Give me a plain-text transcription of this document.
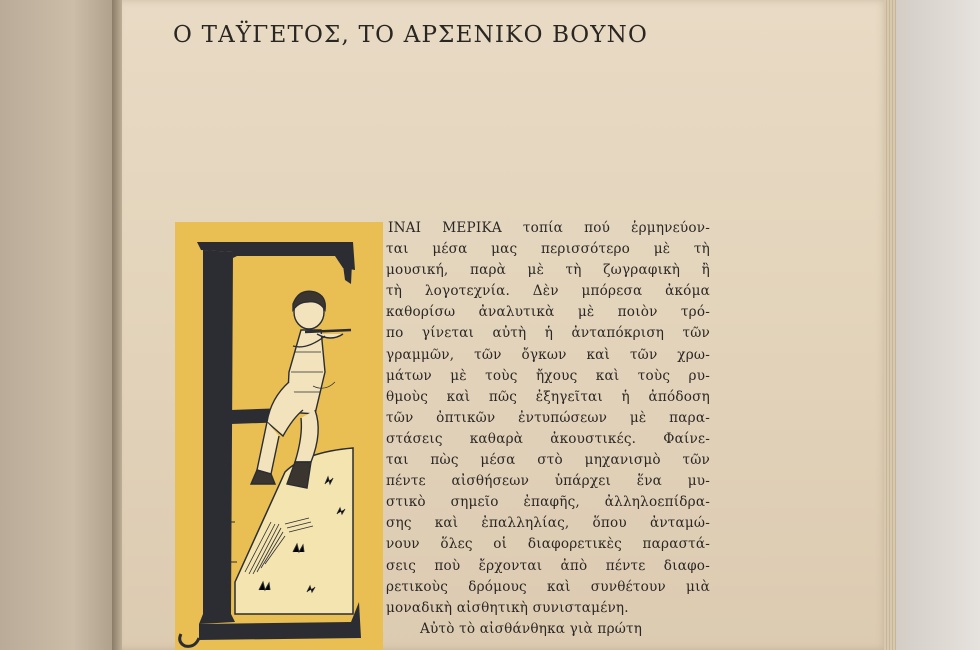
Ο ΤΑΫΓΕΤΟΣ, ΤΟ ΑΡΣΕΝΙΚΟ ΒΟΥΝΟ
ΙΝΑΙ ΜΕΡΙΚΑ τοπία πού ἑρμηνεύον-
ται μέσα μας περισσότερο μὲ τὴ
μουσική, παρὰ μὲ τὴ ζωγραφικὴ ἢ
τὴ λογοτεχνία. Δὲν μπόρεσα ἀκόμα
καθορίσω ἀναλυτικὰ μὲ ποιὸν τρό-
πο γίνεται αὐτὴ ἡ ἀνταπόκριση τῶν
γραμμῶν, τῶν ὄγκων καὶ τῶν χρω-
μάτων μὲ τοὺς ἤχους καὶ τοὺς ρυ-
θμοὺς καὶ πῶς ἐξηγεῖται ἡ ἀπόδοση
τῶν ὀπτικῶν ἐντυπώσεων μὲ παρα-
στάσεις καθαρὰ ἀκουστικές. Φαίνε-
ται πὼς μέσα στὸ μηχανισμὸ τῶν
πέντε αἰσθήσεων ὑπάρχει ἕνα μυ-
στικὸ σημεῖο ἐπαφῆς, ἀλληλοεπίδρα-
σης καὶ ἐπαλληλίας, ὅπου ἀνταμώ-
νουν ὅλες οἱ διαφορετικὲς παραστά-
σεις ποὺ ἔρχονται ἀπὸ πέντε διαφο-
ρετικοὺς δρόμους καὶ συνθέτουν μιὰ
μοναδικὴ αἰσθητικὴ συνισταμένη.
Αὐτὸ τὸ αἰσθάνθηκα γιὰ πρώτη
